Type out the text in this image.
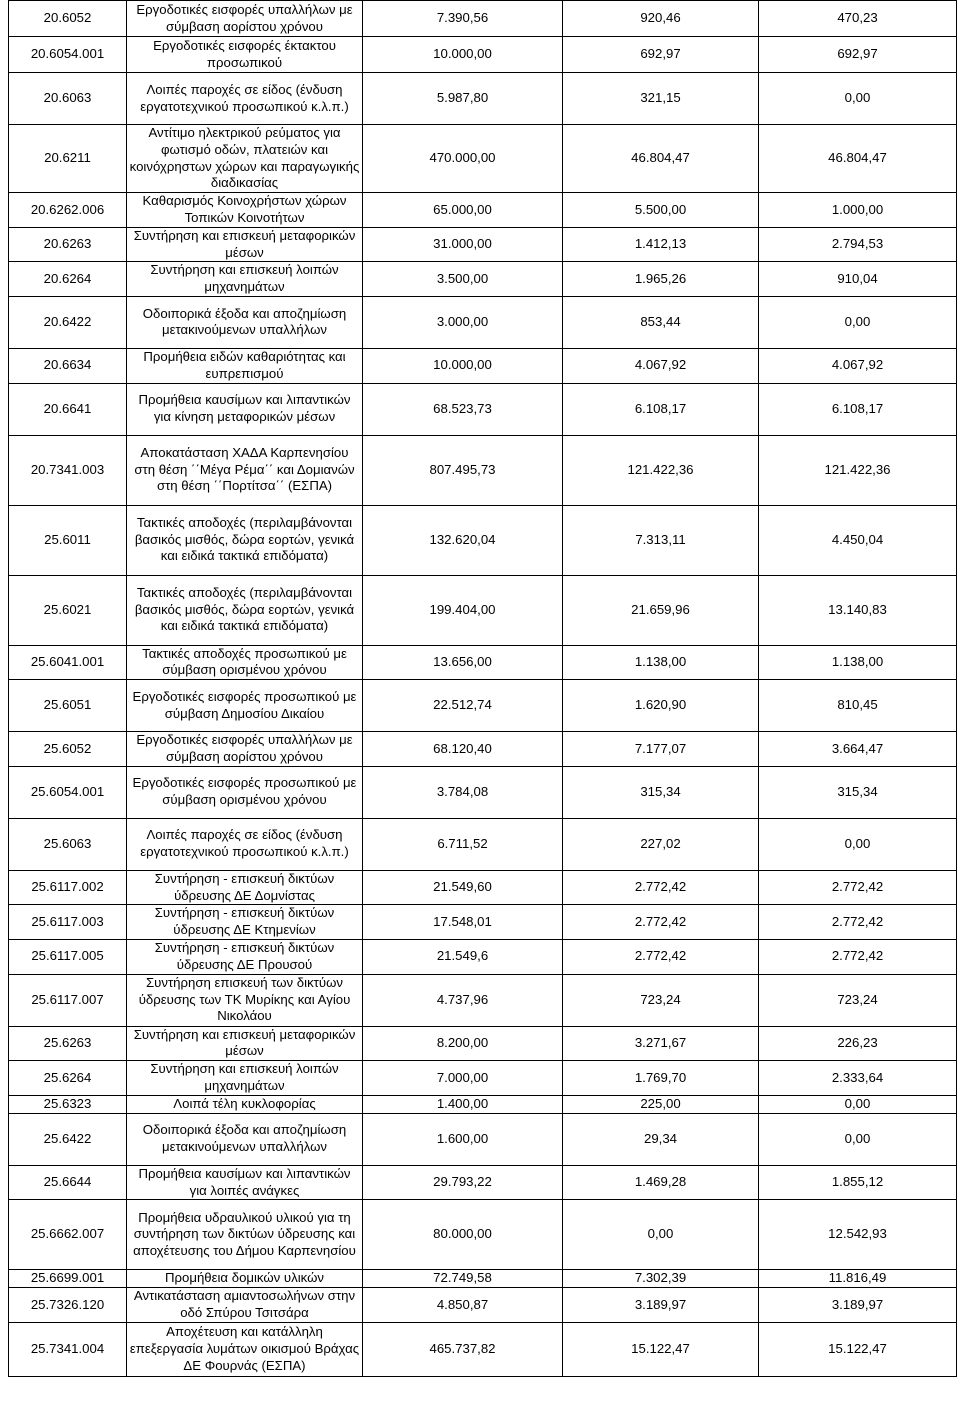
20.6052	Εργοδοτικές εισφορές υπαλλήλων με σύμβαση αορίστου χρόνου	7.390,56	920,46	470,23
20.6054.001	Εργοδοτικές εισφορές έκτακτου προσωπικού	10.000,00	692,97	692,97
20.6063	Λοιπές παροχές σε είδος (ένδυση εργατοτεχνικού προσωπικού κ.λ.π.)	5.987,80	321,15	0,00
20.6211	Αντίτιμο ηλεκτρικού ρεύματος για φωτισμό οδών, πλατειών και κοινόχρηστων χώρων και παραγωγικής διαδικασίας	470.000,00	46.804,47	46.804,47
20.6262.006	Καθαρισμός Κοινοχρήστων χώρων Τοπικών Κοινοτήτων	65.000,00	5.500,00	1.000,00
20.6263	Συντήρηση και επισκευή μεταφορικών μέσων	31.000,00	1.412,13	2.794,53
20.6264	Συντήρηση και επισκευή λοιπών μηχανημάτων	3.500,00	1.965,26	910,04
20.6422	Οδοιπορικά έξοδα και αποζημίωση μετακινούμενων υπαλλήλων	3.000,00	853,44	0,00
20.6634	Προμήθεια ειδών καθαριότητας και ευπρεπισμού	10.000,00	4.067,92	4.067,92
20.6641	Προμήθεια καυσίμων και λιπαντικών για κίνηση μεταφορικών μέσων	68.523,73	6.108,17	6.108,17
20.7341.003	Αποκατάσταση ΧΑΔΑ Καρπενησίου στη θέση ΄΄Μέγα Ρέμα΄΄ και Δομιανών στη θέση ΄΄Πορτίτσα΄΄ (ΕΣΠΑ)	807.495,73	121.422,36	121.422,36
25.6011	Τακτικές αποδοχές (περιλαμβάνονται βασικός μισθός, δώρα εορτών, γενικά και ειδικά τακτικά επιδόματα)	132.620,04	7.313,11	4.450,04
25.6021	Τακτικές αποδοχές (περιλαμβάνονται βασικός μισθός, δώρα εορτών, γενικά και ειδικά τακτικά επιδόματα)	199.404,00	21.659,96	13.140,83
25.6041.001	Τακτικές αποδοχές προσωπικού με σύμβαση ορισμένου χρόνου	13.656,00	1.138,00	1.138,00
25.6051	Εργοδοτικές εισφορές προσωπικού με σύμβαση Δημοσίου Δικαίου	22.512,74	1.620,90	810,45
25.6052	Εργοδοτικές εισφορές υπαλλήλων με σύμβαση αορίστου χρόνου	68.120,40	7.177,07	3.664,47
25.6054.001	Εργοδοτικές εισφορές προσωπικού με σύμβαση ορισμένου χρόνου	3.784,08	315,34	315,34
25.6063	Λοιπές παροχές σε είδος (ένδυση εργατοτεχνικού προσωπικού κ.λ.π.)	6.711,52	227,02	0,00
25.6117.002	Συντήρηση - επισκευή δικτύων ύδρευσης ΔΕ Δομνίστας	21.549,60	2.772,42	2.772,42
25.6117.003	Συντήρηση - επισκευή δικτύων ύδρευσης ΔΕ Κτημενίων	17.548,01	2.772,42	2.772,42
25.6117.005	Συντήρηση - επισκευή δικτύων ύδρευσης ΔΕ Προυσού	21.549,6	2.772,42	2.772,42
25.6117.007	Συντήρηση επισκευή των δικτύων ύδρευσης των ΤΚ Μυρίκης και Αγίου Νικολάου	4.737,96	723,24	723,24
25.6263	Συντήρηση και επισκευή μεταφορικών μέσων	8.200,00	3.271,67	226,23
25.6264	Συντήρηση και επισκευή λοιπών μηχανημάτων	7.000,00	1.769,70	2.333,64
25.6323	Λοιπά τέλη κυκλοφορίας	1.400,00	225,00	0,00
25.6422	Οδοιπορικά έξοδα και αποζημίωση μετακινούμενων υπαλλήλων	1.600,00	29,34	0,00
25.6644	Προμήθεια καυσίμων και λιπαντικών για λοιπές ανάγκες	29.793,22	1.469,28	1.855,12
25.6662.007	Προμήθεια υδραυλικού υλικού για τη συντήρηση των δικτύων ύδρευσης και αποχέτευσης του Δήμου Καρπενησίου	80.000,00	0,00	12.542,93
25.6699.001	Προμήθεια δομικών υλικών	72.749,58	7.302,39	11.816,49
25.7326.120	Αντικατάσταση αμιαντοσωλήνων στην οδό Σπύρου Τσιτσάρα	4.850,87	3.189,97	3.189,97
25.7341.004	Αποχέτευση και κατάλληλη επεξεργασία λυμάτων οικισμού Βράχας ΔΕ Φουρνάς (ΕΣΠΑ)	465.737,82	15.122,47	15.122,47
